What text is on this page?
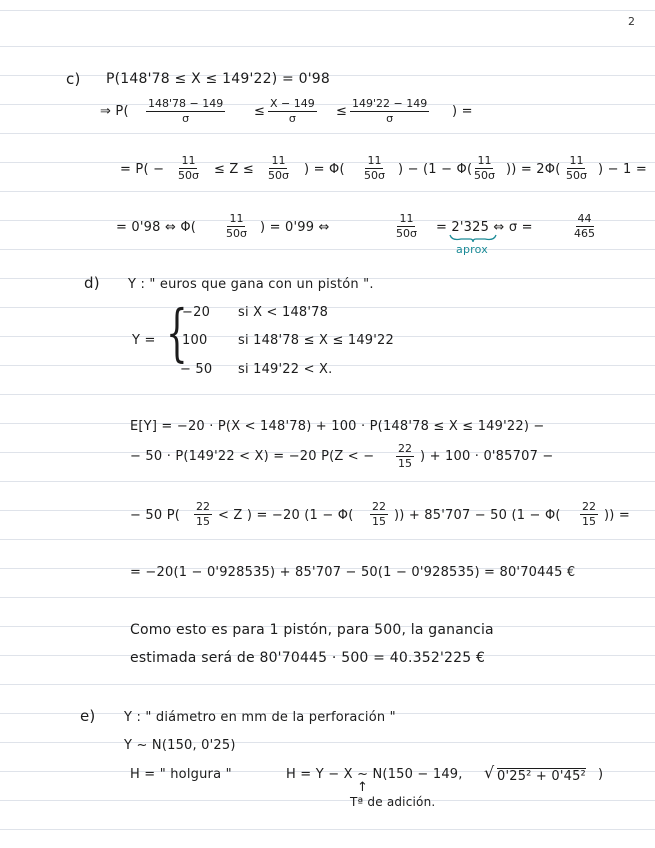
2
c) P(148'78 ≤ X ≤ 149'22) = 0'98
⇒ $P( \frac{148'78 - 149}{\sigma} \le \frac{X - 149}{\sigma} \le \frac{149'22 - 149}{\sigma}$ ) =
= $P( - \frac{11}{50\sigma} \le Z \le \frac{11}{50\sigma}$ ) = $\Phi( \frac{11}{50\sigma}$ ) − ($1 - \Phi( \frac{11}{50\sigma}$ )) = $2\Phi( \frac{11}{50\sigma}$ ) − 1 =
= 0'98 ⇔ Φ(	$\frac{11}{50\sigma}$ ) = 0'99 ⇔	$\frac{11}{50\sigma} = 2'325$ ⇔ σ =	$\frac{44}{465}$
aprox
d) Y : " euros que gana con un pistón ".
Y = {
−20 si X < 148'78
100 si 148'78 ≤ X ≤ 149'22
− 50 si 149'22 < X.
E[Y] = −20 · P(X < 148'78) + 100 · P(148'78 ≤ X ≤ 149'22) −
− 50 · P(149'22 < X) = −20 P(Z < − $\frac{22}{15}$ ) + 100 · 0'85707 −
− 50 $P( \frac{22}{15} < Z$ ) = −20 ($1 - \Phi( \frac{22}{15}$ )) + 85'707 − 50 ($1 - \Phi( \frac{22}{15}$ )) =
= −20(1 − 0'928535) + 85'707 − 50(1 − 0'928535) = 80'70445 €
Como esto es para 1 pistón, para 500, la ganancia
estimada será de 80'70445 · 500 = 40.352'225 €
e) Y : " diámetro en mm de la perforación "
Y ~ N(150, 0'25)
H = " holgura "	H = Y − X ~ N(150 − 149, √ 0'25² + 0'45² )
↑
Tª de adición.
